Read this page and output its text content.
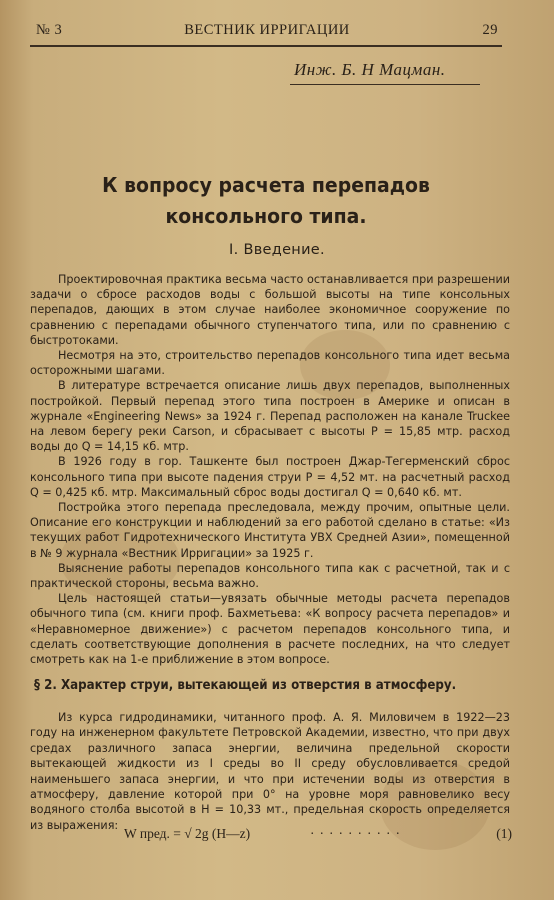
№ 3	ВЕСТНИК ИРРИГАЦИИ	29
Инж. Б. Н Мацман.
К вопросу расчета перепадов консольного типа.
I. Введение.

Проектировочная практика весьма часто останавливается при разрешении задачи о сбросе расходов воды с большой высоты на типе консольных перепадов, дающих в этом случае наиболее экономичное сооружение по сравнению с перепадами обычного ступенчатого типа, или по сравнению с быстротоками.

Несмотря на это, строительство перепадов консольного типа идет весьма осторожными шагами.

В литературе встречается описание лишь двух перепадов, выполненных постройкой. Первый перепад этого типа построен в Америке и описан в журнале «Engineering News» за 1924 г. Перепад расположен на канале Truckee на левом берегу реки Carson, и сбрасывает с высоты P = 15,85 мтр. расход воды до Q = 14,15 кб. мтр.

В 1926 году в гор. Ташкенте был построен Джар-Тегерменский сброс консольного типа при высоте падения струи P = 4,52 мт. на расчетный расход Q = 0,425 кб. мтр. Максимальный сброс воды достигал Q = 0,640 кб. мт.

Постройка этого перепада преследовала, между прочим, опытные цели. Описание его конструкции и наблюдений за его работой сделано в статье: «Из текущих работ Гидротехнического Института УВХ Средней Азии», помещенной в № 9 журнала «Вестник Ирригации» за 1925 г.

Выяснение работы перепадов консольного типа как с расчетной, так и с практической стороны, весьма важно.

Цель настоящей статьи—увязать обычные методы расчета перепадов обычного типа (см. книги проф. Бахметьева: «К вопросу расчета перепадов» и «Неравномерное движение») с расчетом перепадов консольного типа, и сделать соответствующие дополнения в расчете последних, на что следует смотреть как на 1-е приближение в этом вопросе.

§ 2. Характер струи, вытекающей из отверстия в атмосферу.

Из курса гидродинамики, читанного проф. А. Я. Миловичем в 1922—23 году на инженерном факультете Петровской Академии, известно, что при двух средах различного запаса энергии, величина предельной скорости вытекающей жидкости из I среды во II среду обусловливается средой наименьшего запаса энергии, и что при истечении воды из отверстия в атмосферу, давление которой при 0° на уровне моря равновелико весу водяного столба высотой в H = 10,33 мт., предельная скорость определяется из выражения:

W пред. = √ 2g (H—z)	··········	(1)
